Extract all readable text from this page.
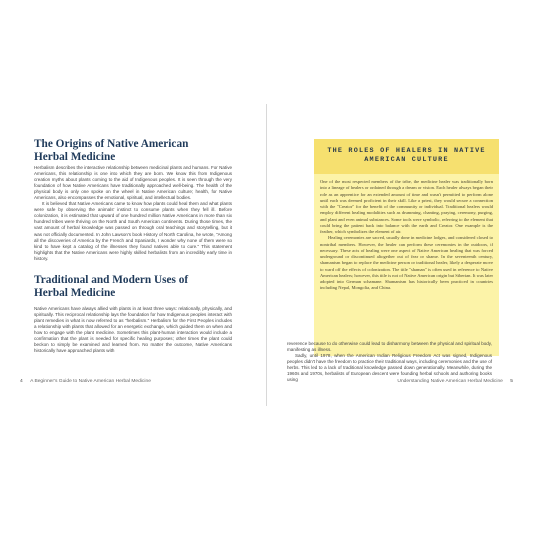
The Origins of Native American Herbal Medicine

Herbalism describes the interactive relationship between medicinal plants and humans. For Native Americans, this relationship is one into which they are born. We know this from Indigenous creation myths about plants coming to the aid of Indigenous peoples. It is seen through the very foundation of how Native Americans have traditionally approached well-being. The health of the physical body is only one spoke on the wheel in Native American culture; health, for Native Americans, also encompasses the emotional, spiritual, and intellectual bodies.

It is believed that Native Americans came to know how plants could heal them and what plants were safe by observing the animals' instinct to consume plants when they fell ill. Before colonization, it is estimated that upward of one hundred million Native Americans in more than six hundred tribes were thriving on the North and South American continents. During those times, the vast amount of herbal knowledge was passed on through oral teachings and storytelling, but it was not officially documented. In John Lawson's book History of North Carolina, he wrote, "Among all the discoveries of America by the French and Spaniards, I wonder why none of them were so kind to have kept a catalog of the illnesses they found natives able to cure." This statement highlights that the Native Americans were highly skilled herbalists from an incredibly early time in history.

Traditional and Modern Uses of Herbal Medicine

Native Americans have always allied with plants in at least three ways: relationally, physically, and spiritually. This reciprocal relationship lays the foundation for how Indigenous peoples interact with plant remedies in what is now referred to as "herbalism." Herbalism for the First Peoples includes a relationship with plants that allowed for an energetic exchange, which guided them on when and how to engage with the plant medicine. Sometimes this plant-human interaction would include a confirmation that the plant is needed for specific healing purposes; other times the plant could beckon to simply be examined and learned from. No matter the outcome, Native Americans historically have approached plants with

THE ROLES OF HEALERS IN NATIVE AMERICAN CULTURE

One of the most respected members of the tribe, the medicine healer was traditionally born into a lineage of healers or ordained through a dream or vision. Each healer always began their role as an apprentice for an extended amount of time and wasn't permitted to perform alone until each was deemed proficient in their skill. Like a priest, they would secure a connection with the "Creator" for the benefit of the community or individual. Traditional healers would employ different healing modalities such as drumming, chanting, praying, ceremony, purging, and plant and even animal substances. Some tools were symbolic, referring to the element that could bring the patient back into balance with the earth and Creator. One example is the feather, which symbolizes the element of air.

Healing ceremonies are sacred, usually done in medicine lodges, and considered closed to nontribal members. However, the healer can perform these ceremonies in the outdoors, if necessary. These acts of healing were one aspect of Native American healing that was forced underground or discontinued altogether out of fear or shame. In the seventeenth century, shamanism began to replace the medicine person or traditional healer, likely a desperate move to ward off the effects of colonization. The title "shaman" is often used in reference to Native American healers; however, this title is not of Native American origin but Siberian. It was later adopted into German schamane. Shamanism has historically been practiced in countries including Nepal, Mongolia, and China.

reverence because to do otherwise could lead to disharmony between the physical and spiritual body, manifesting as illness.

Sadly, until 1978, when the American Indian Religious Freedom Act was signed, Indigenous peoples didn't have the freedom to practice their traditional ways, including ceremonies and the use of herbs. This led to a lack of traditional knowledge passed down generationally. Meanwhile, during the 1960s and 1970s, herbalists of European descent were founding herbal schools and authoring books using

4 A Beginner's Guide to Native American Herbal Medicine	Understanding Native American Herbal Medicine 5
